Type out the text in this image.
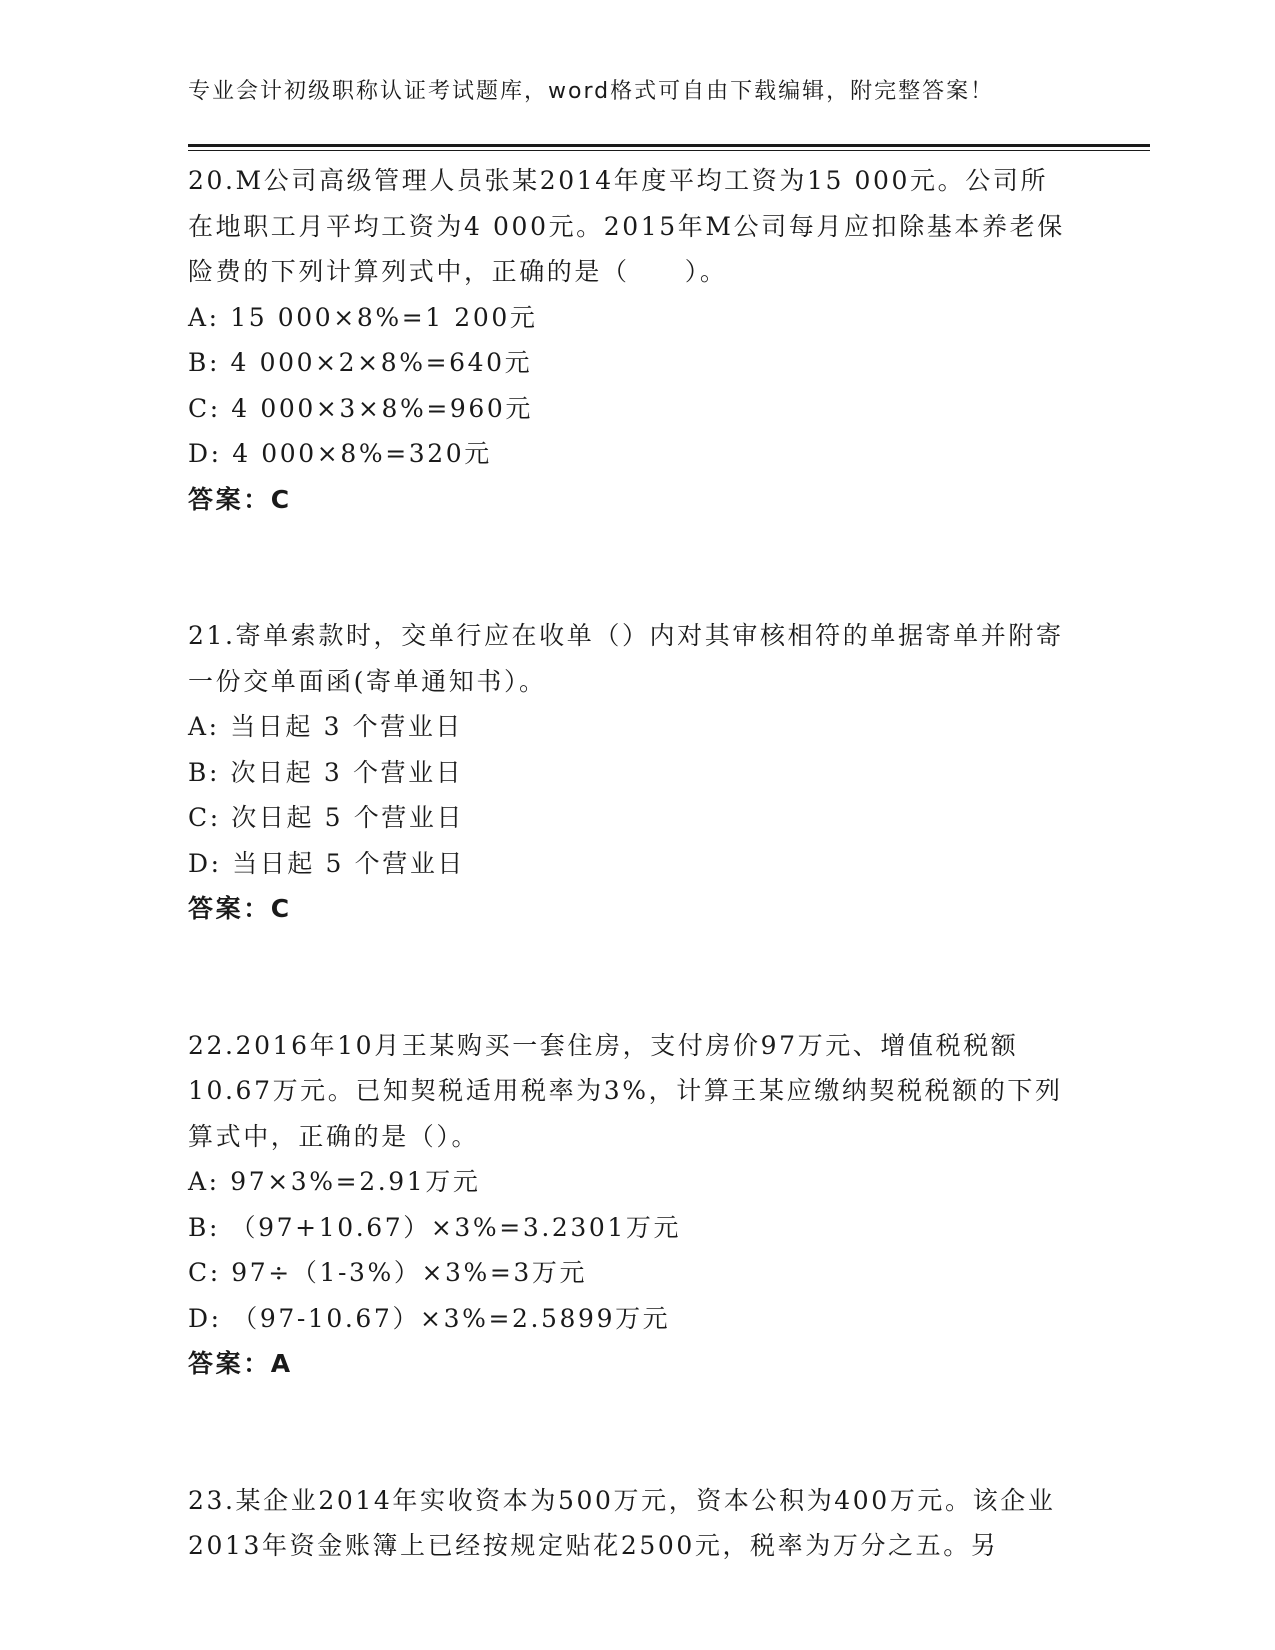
专业会计初级职称认证考试题库，word格式可自由下载编辑，附完整答案！

20.M公司高级管理人员张某2014年度平均工资为15 000元。公司所在地职工月平均工资为4 000元。2015年M公司每月应扣除基本养老保险费的下列计算列式中，正确的是（　　）。

A: 15 000×8%=1 200元

B: 4 000×2×8%=640元

C: 4 000×3×8%=960元

D: 4 000×8%=320元

答案：C

21.寄单索款时，交单行应在收单（）内对其审核相符的单据寄单并附寄一份交单面函(寄单通知书）。

A: 当日起 3 个营业日

B: 次日起 3 个营业日

C: 次日起 5 个营业日

D: 当日起 5 个营业日

答案：C

22.2016年10月王某购买一套住房，支付房价97万元、增值税税额10.67万元。已知契税适用税率为3%，计算王某应缴纳契税税额的下列算式中，正确的是（）。

A: 97×3%=2.91万元

B: （97+10.67）×3%=3.2301万元

C: 97÷（1-3%）×3%=3万元

D: （97-10.67）×3%=2.5899万元

答案：A

23.某企业2014年实收资本为500万元，资本公积为400万元。该企业2013年资金账簿上已经按规定贴花2500元，税率为万分之五。另
